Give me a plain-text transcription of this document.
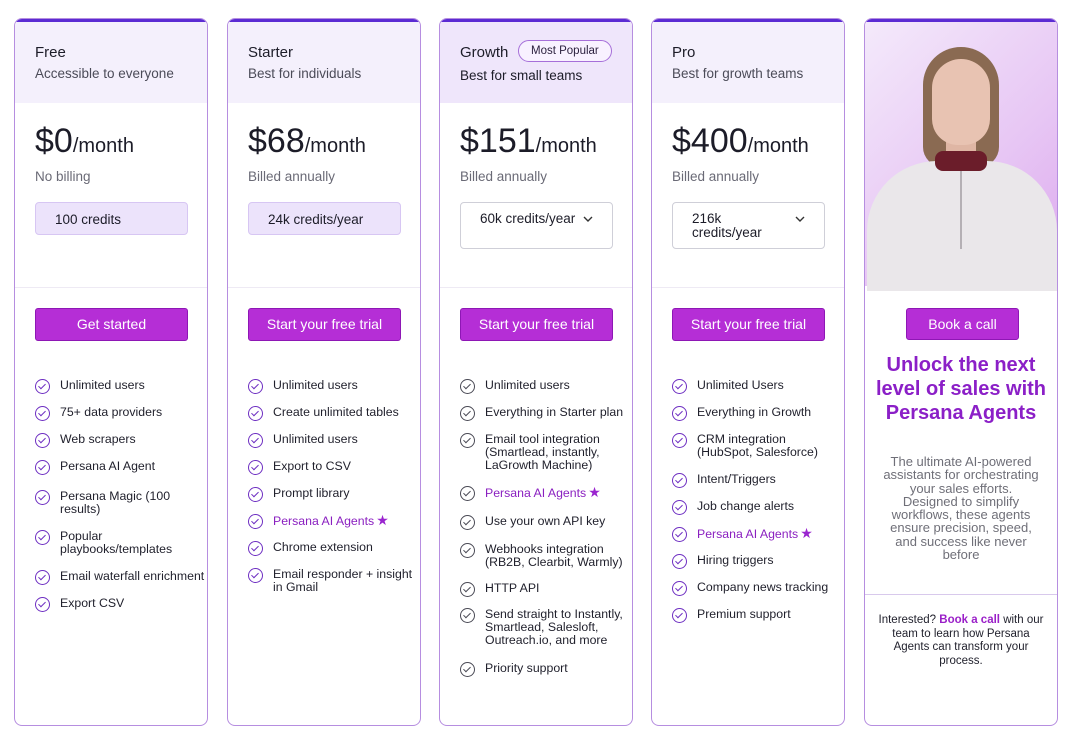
Free
Accessible to everyone
$0/month
No billing
100 credits
Get started
Unlimited users
75+ data providers
Web scrapers
Persana AI Agent
Persana Magic (100 results)
Popular playbooks/templates
Email waterfall enrichment
Export CSV
Starter
Best for individuals
$68/month
Billed annually
24k credits/year
Start your free trial
Unlimited users
Create unlimited tables
Unlimited users
Export to CSV
Prompt library
Persana AI Agents ★
Chrome extension
Email responder + insight in Gmail
Growth	Most Popular
Best for small teams
$151/month
Billed annually
60k credits/year
Start your free trial
Unlimited users
Everything in Starter plan
Email tool integration (Smartlead, instantly, LaGrowth Machine)
Persana AI Agents ★
Use your own API key
Webhooks integration (RB2B, Clearbit, Warmly)
HTTP API
Send straight to Instantly, Smartlead, Salesloft, Outreach.io, and more
Priority support
Pro
Best for growth teams
$400/month
Billed annually
216k credits/year
Start your free trial
Unlimited Users
Everything in Growth
CRM integration (HubSpot, Salesforce)
Intent/Triggers
Job change alerts
Persana AI Agents ★
Hiring triggers
Company news tracking
Premium support
Book a call
Unlock the next level of sales with Persana Agents
The ultimate AI-powered assistants for orchestrating your sales efforts. Designed to simplify workflows, these agents ensure precision, speed, and success like never before
Interested? Book a call with our team to learn how Persana Agents can transform your process.
